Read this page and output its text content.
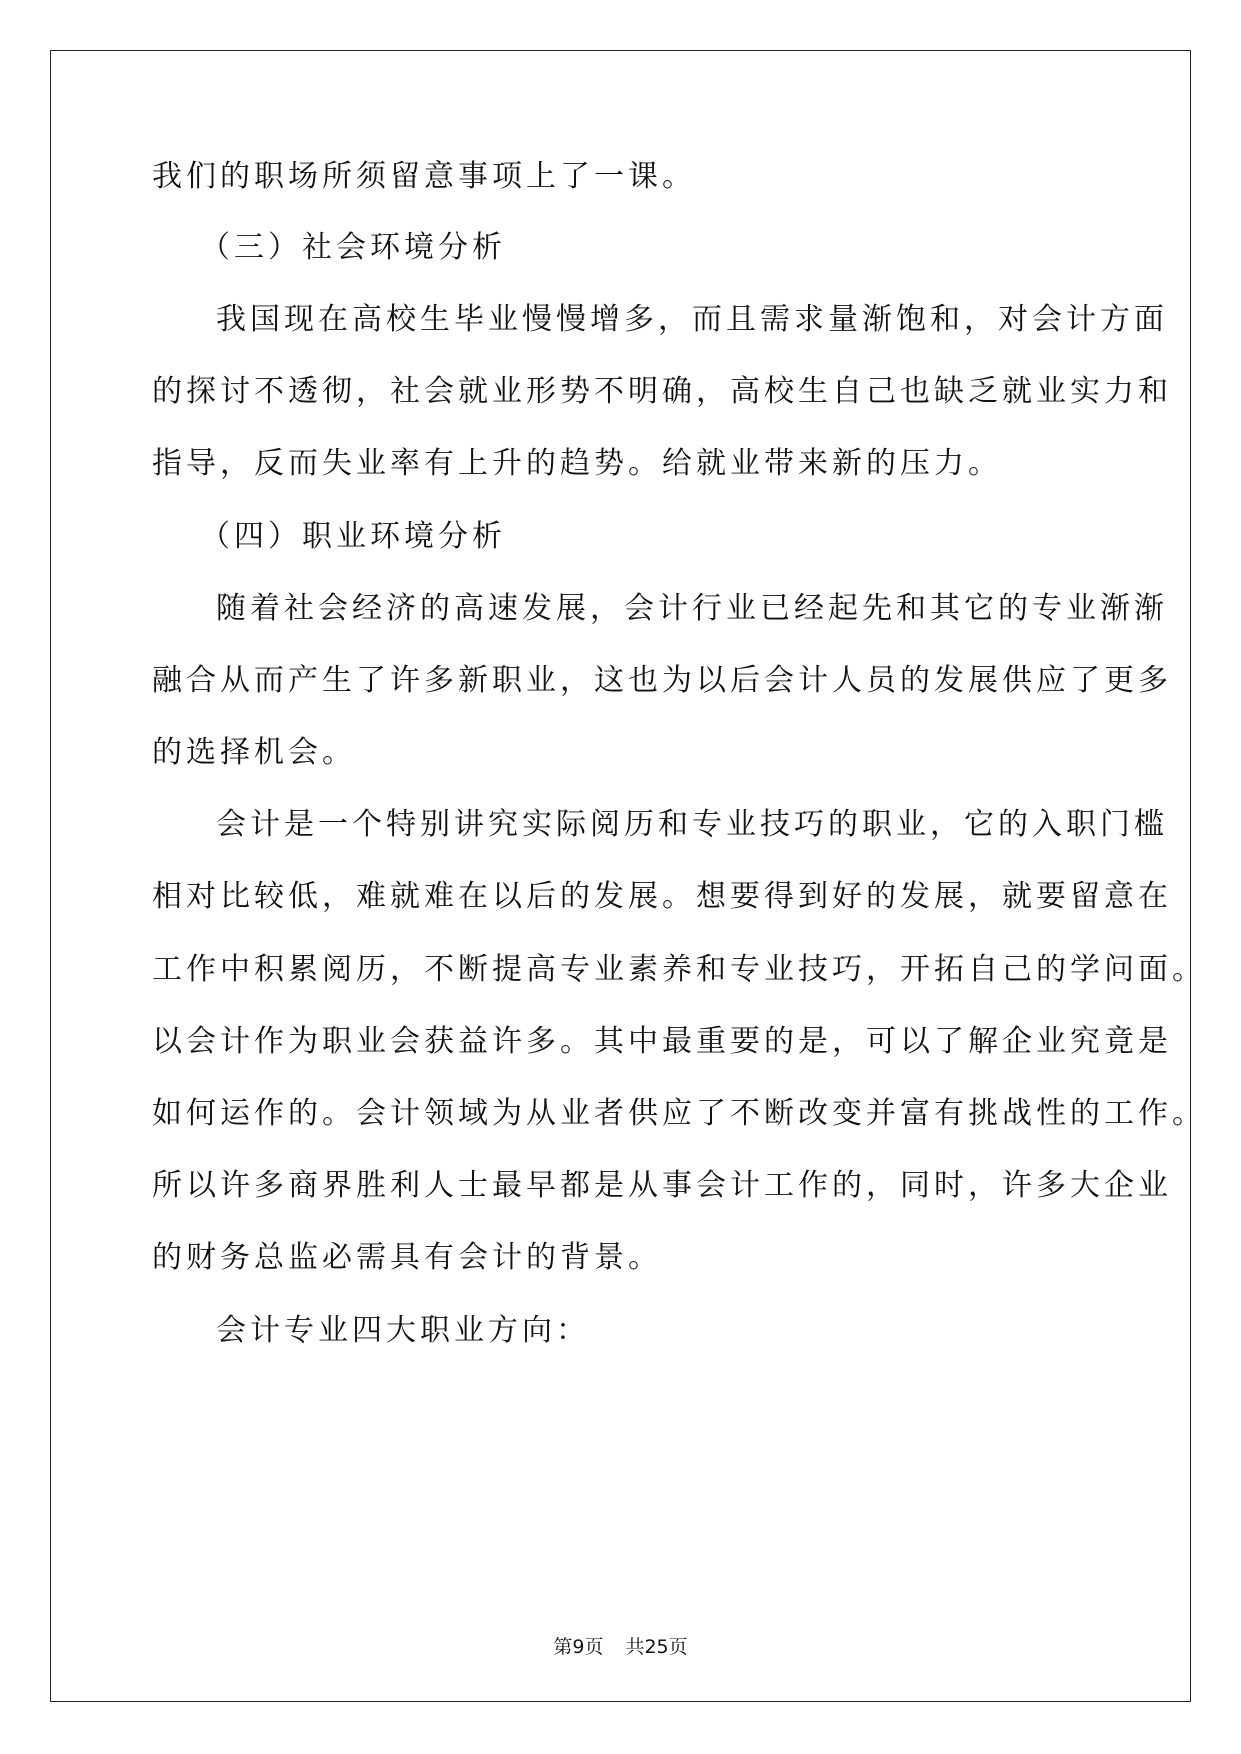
我们的职场所须留意事项上了一课。
（三）社会环境分析
我国现在高校生毕业慢慢增多，而且需求量渐饱和，对会计方面
的探讨不透彻，社会就业形势不明确，高校生自己也缺乏就业实力和
指导，反而失业率有上升的趋势。给就业带来新的压力。
（四）职业环境分析
随着社会经济的高速发展，会计行业已经起先和其它的专业渐渐
融合从而产生了许多新职业，这也为以后会计人员的发展供应了更多
的选择机会。
会计是一个特别讲究实际阅历和专业技巧的职业，它的入职门槛
相对比较低，难就难在以后的发展。想要得到好的发展，就要留意在
工作中积累阅历，不断提高专业素养和专业技巧，开拓自己的学问面。
以会计作为职业会获益许多。其中最重要的是，可以了解企业究竟是
如何运作的。会计领域为从业者供应了不断改变并富有挑战性的工作。
所以许多商界胜利人士最早都是从事会计工作的，同时，许多大企业
的财务总监必需具有会计的背景。
会计专业四大职业方向：
第9页 共25页
